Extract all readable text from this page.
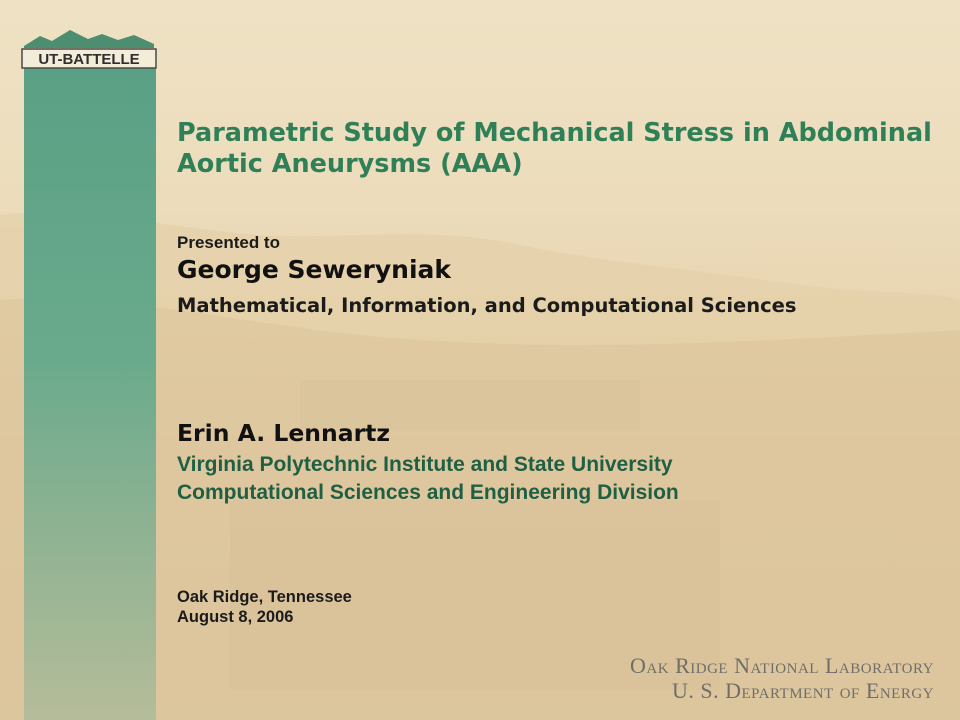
UT-BATTELLE
Parametric Study of Mechanical Stress in Abdominal Aortic Aneurysms (AAA)
Presented to
George Seweryniak
Mathematical, Information, and Computational Sciences
Erin A. Lennartz
Virginia Polytechnic Institute and State University
Computational Sciences and Engineering Division
Oak Ridge, Tennessee
August 8, 2006
Oak Ridge National Laboratory
U. S. Department of Energy
